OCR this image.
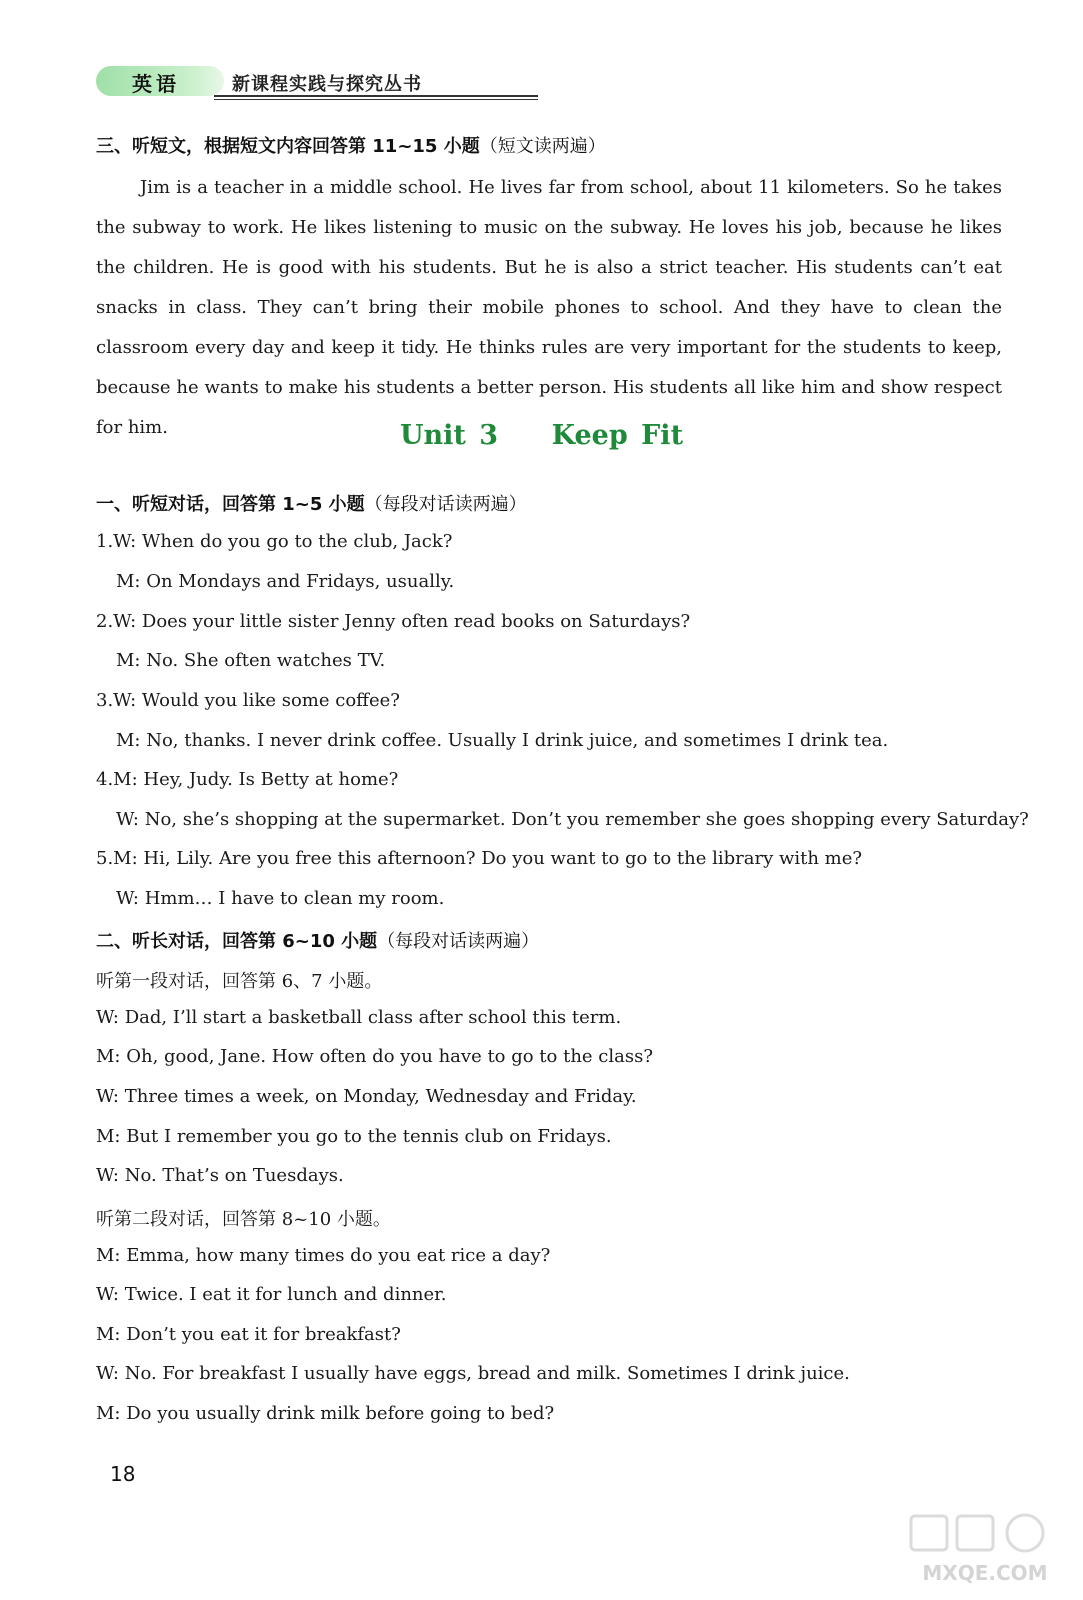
英语	新课程实践与探究丛书
三、听短文，根据短文内容回答第 11~15 小题（短文读两遍）
Jim is a teacher in a middle school. He lives far from school, about 11 kilometers. So he takes the subway to work. He likes listening to music on the subway. He loves his job, because he likes the children. He is good with his students. But he is also a strict teacher. His students can’t eat snacks in class. They can’t bring their mobile phones to school. And they have to clean the classroom every day and keep it tidy. He thinks rules are very important for the students to keep, because he wants to make his students a better person. His students all like him and show respect for him.	Unit 3    Keep Fit
一、听短对话，回答第 1~5 小题（每段对话读两遍）
1.W: When do you go to the club, Jack?
M: On Mondays and Fridays, usually.
2.W: Does your little sister Jenny often read books on Saturdays?
M: No. She often watches TV.
3.W: Would you like some coffee?
M: No, thanks. I never drink coffee. Usually I drink juice, and sometimes I drink tea.
4.M: Hey, Judy. Is Betty at home?
W: No, she’s shopping at the supermarket. Don’t you remember she goes shopping every Saturday?
5.M: Hi, Lily. Are you free this afternoon? Do you want to go to the library with me?
W: Hmm… I have to clean my room.
二、听长对话，回答第 6~10 小题（每段对话读两遍）
听第一段对话，回答第 6、7 小题。
W: Dad, I’ll start a basketball class after school this term.
M: Oh, good, Jane. How often do you have to go to the class?
W: Three times a week, on Monday, Wednesday and Friday.
M: But I remember you go to the tennis club on Fridays.
W: No. That’s on Tuesdays.
听第二段对话，回答第 8~10 小题。
M: Emma, how many times do you eat rice a day?
W: Twice. I eat it for lunch and dinner.
M: Don’t you eat it for breakfast?
W: No. For breakfast I usually have eggs, bread and milk. Sometimes I drink juice.
M: Do you usually drink milk before going to bed?
18
MXQE.COM
